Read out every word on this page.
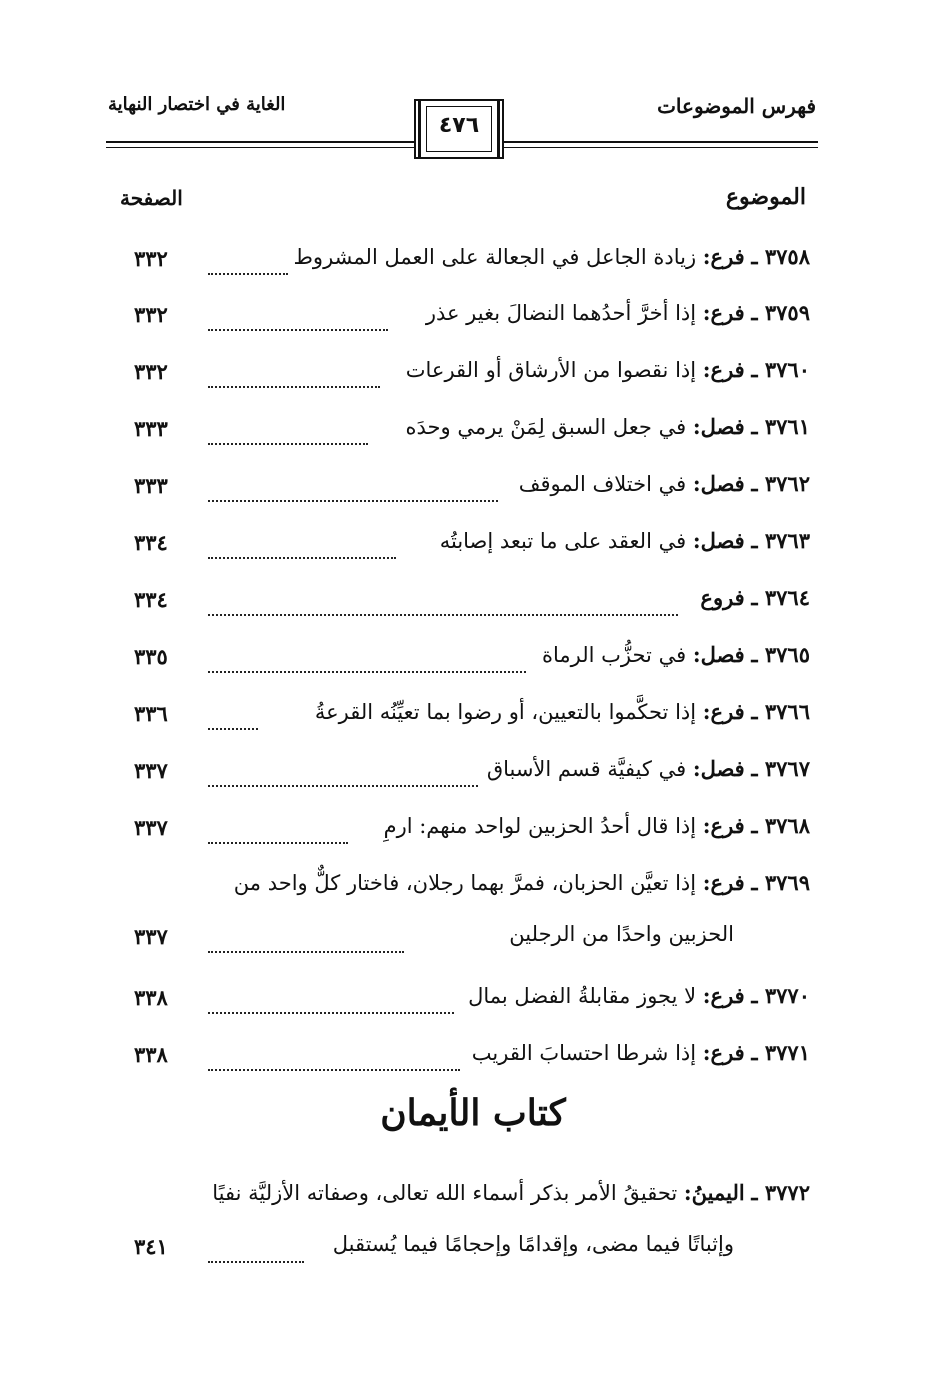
فهرس الموضوعات
الغاية في اختصار النهاية
٤٧٦
الموضوع
الصفحة
٣٧٥٨ ـ فرع: زيادة الجاعل في الجعالة على العمل المشروط
٣٣٢
٣٧٥٩ ـ فرع: إذا أخرَّ أحدُهما النضالَ بغير عذر
٣٣٢
٣٧٦٠ ـ فرع: إذا نقصوا من الأرشاق أو القرعات
٣٣٢
٣٧٦١ ـ فصل: في جعل السبق لِمَنْ يرمي وحدَه
٣٣٣
٣٧٦٢ ـ فصل: في اختلاف الموقف
٣٣٣
٣٧٦٣ ـ فصل: في العقد على ما تبعد إصابتُه
٣٣٤
٣٧٦٤ ـ فروع
٣٣٤
٣٧٦٥ ـ فصل: في تحزُّب الرماة
٣٣٥
٣٧٦٦ ـ فرع: إذا تحكَّموا بالتعيين، أو رضوا بما تعيِّنُه القرعةُ
٣٣٦
٣٧٦٧ ـ فصل: في كيفيَّة قسم الأسباق
٣٣٧
٣٧٦٨ ـ فرع: إذا قال أحدُ الحزبين لواحد منهم: ارمِ
٣٣٧
٣٧٦٩ ـ فرع: إذا تعيَّن الحزبان، فمرَّ بهما رجلان، فاختار كلٌّ واحد من
الحزبين واحدًا من الرجلين
٣٣٧
٣٧٧٠ ـ فرع: لا يجوز مقابلةُ الفضل بمال
٣٣٨
٣٧٧١ ـ فرع: إذا شرطا احتسابَ القريب
٣٣٨
كتاب الأيمان
٣٧٧٢ ـ اليمينُ: تحقيقُ الأمر بذكر أسماء الله تعالى، وصفاته الأزليَّة نفيًا
وإثباتًا فيما مضى، وإقدامًا وإحجامًا فيما يُستقبل
٣٤١
